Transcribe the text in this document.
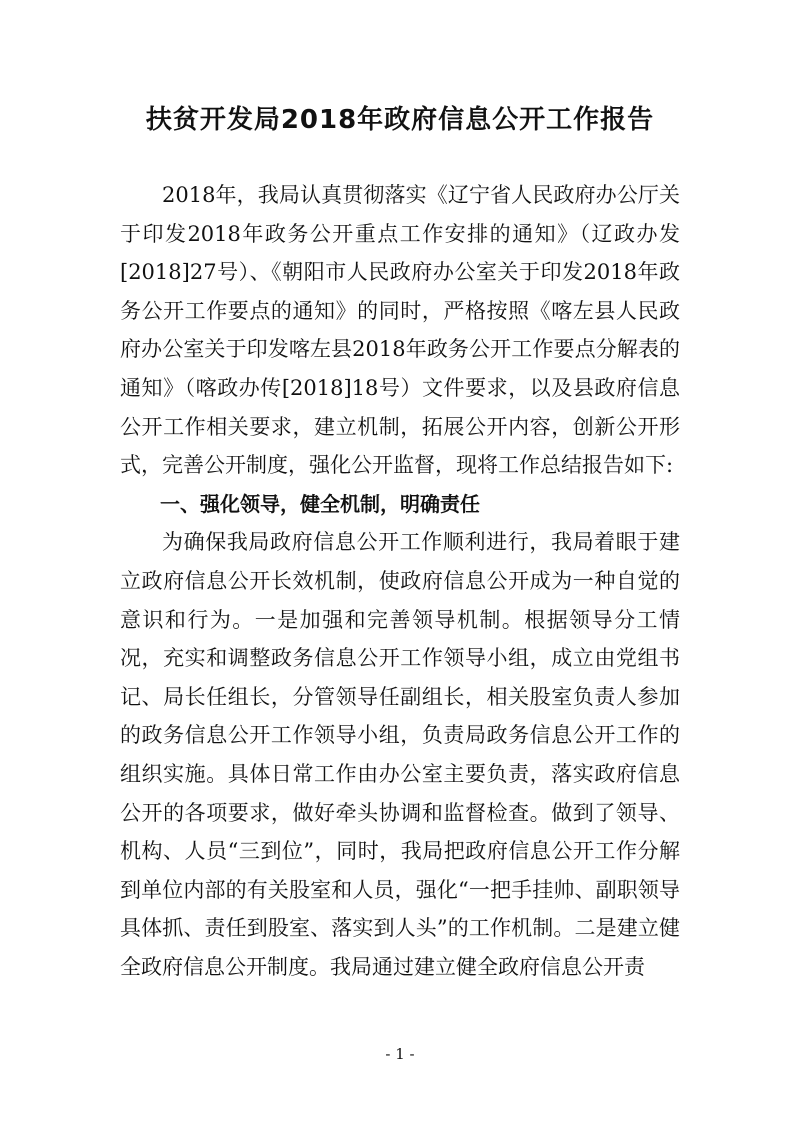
扶贫开发局2018年政府信息公开工作报告

2018年，我局认真贯彻落实《辽宁省人民政府办公厅关于印发2018年政务公开重点工作安排的通知》（辽政办发[2018]27号）、《朝阳市人民政府办公室关于印发2018年政务公开工作要点的通知》的同时，严格按照《喀左县人民政府办公室关于印发喀左县2018年政务公开工作要点分解表的通知》（喀政办传[2018]18号）文件要求，以及县政府信息公开工作相关要求，建立机制，拓展公开内容，创新公开形式，完善公开制度，强化公开监督，现将工作总结报告如下:

一、强化领导，健全机制，明确责任

为确保我局政府信息公开工作顺利进行，我局着眼于建立政府信息公开长效机制，使政府信息公开成为一种自觉的意识和行为。一是加强和完善领导机制。根据领导分工情况，充实和调整政务信息公开工作领导小组，成立由党组书记、局长任组长，分管领导任副组长，相关股室负责人参加的政务信息公开工作领导小组，负责局政务信息公开工作的组织实施。具体日常工作由办公室主要负责，落实政府信息公开的各项要求，做好牵头协调和监督检查。做到了领导、机构、人员“三到位”，同时，我局把政府信息公开工作分解到单位内部的有关股室和人员，强化“一把手挂帅、副职领导具体抓、责任到股室、落实到人头”的工作机制。二是建立健全政府信息公开制度。我局通过建立健全政府信息公开责

- 1 -
